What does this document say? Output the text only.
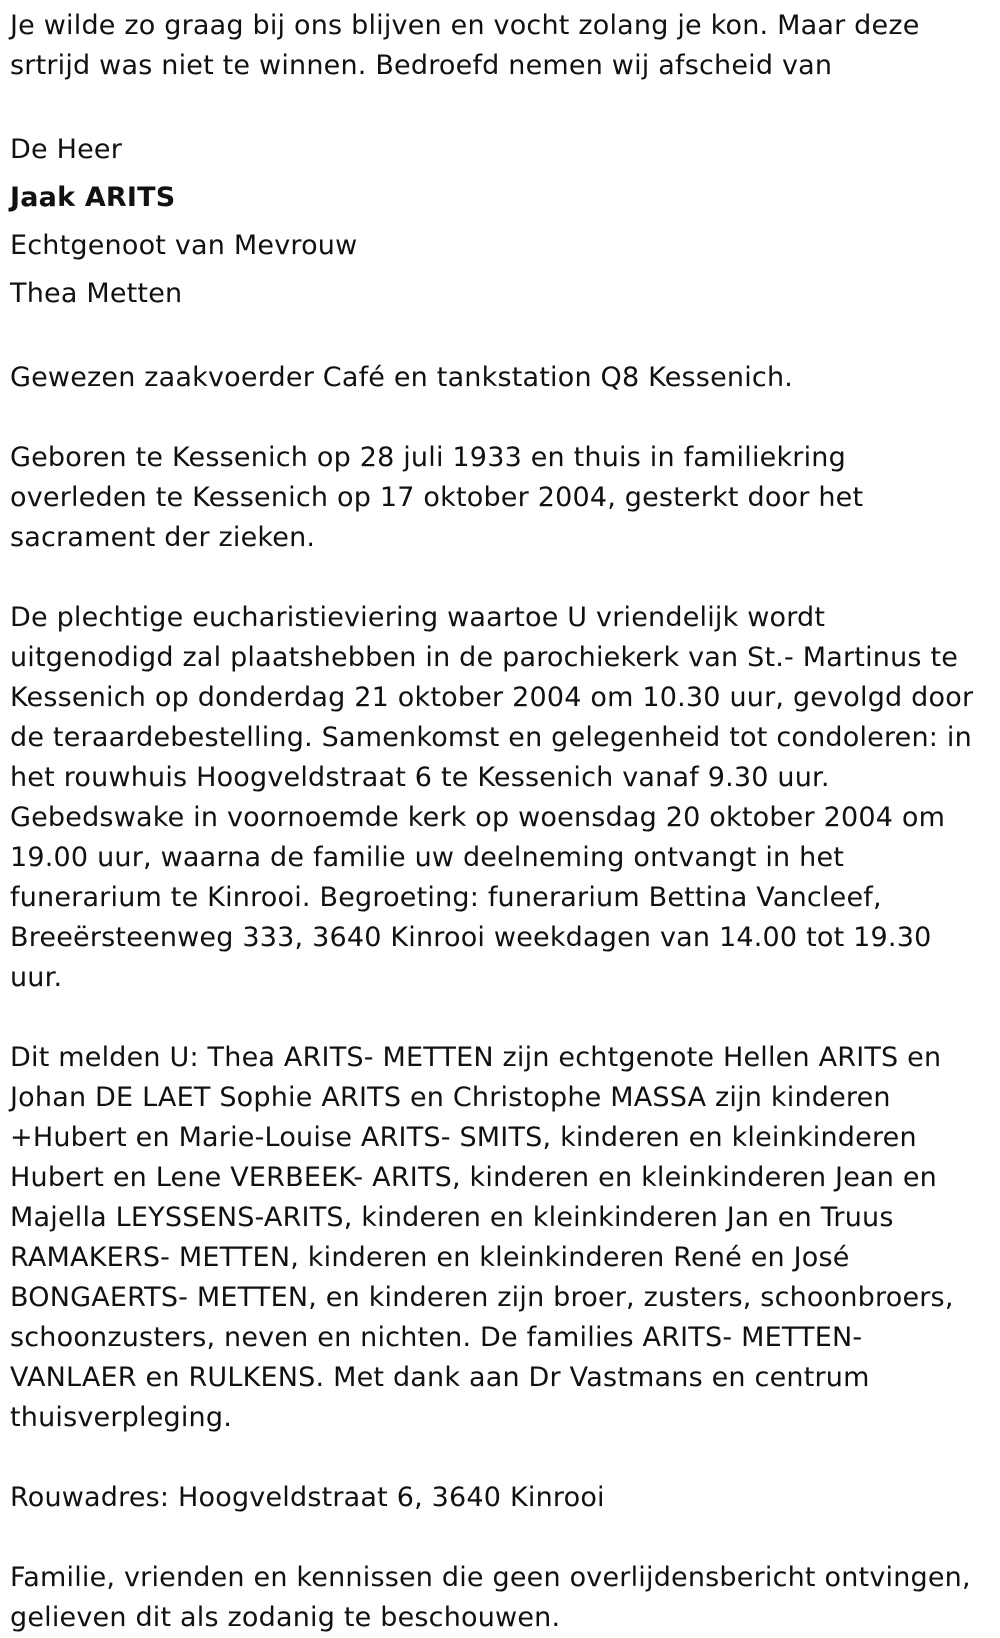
Je wilde zo graag bij ons blijven en vocht zolang je kon. Maar deze srtrijd was niet te winnen. Bedroefd nemen wij afscheid van

De Heer

Jaak ARITS

Echtgenoot van Mevrouw

Thea Metten

Gewezen zaakvoerder Café en tankstation Q8 Kessenich.

Geboren te Kessenich op 28 juli 1933 en thuis in familiekring overleden te Kessenich op 17 oktober 2004, gesterkt door het sacrament der zieken.

De plechtige eucharistieviering waartoe U vriendelijk wordt uitgenodigd zal plaatshebben in de parochiekerk van St.- Martinus te Kessenich op donderdag 21 oktober 2004 om 10.30 uur, gevolgd door de teraardebestelling. Samenkomst en gelegenheid tot condoleren: in het rouwhuis Hoogveldstraat 6 te Kessenich vanaf 9.30 uur. Gebedswake in voornoemde kerk op woensdag 20 oktober 2004 om 19.00 uur, waarna de familie uw deelneming ontvangt in het funerarium te Kinrooi. Begroeting: funerarium Bettina Vancleef, Breeërsteenweg 333, 3640 Kinrooi weekdagen van 14.00 tot 19.30 uur.

Dit melden U: Thea ARITS- METTEN zijn echtgenote Hellen ARITS en Johan DE LAET Sophie ARITS en Christophe MASSA zijn kinderen +Hubert en Marie-Louise ARITS- SMITS, kinderen en kleinkinderen Hubert en Lene VERBEEK- ARITS, kinderen en kleinkinderen Jean en Majella LEYSSENS-ARITS, kinderen en kleinkinderen Jan en Truus RAMAKERS- METTEN, kinderen en kleinkinderen René en José BONGAERTS- METTEN, en kinderen zijn broer, zusters, schoonbroers, schoonzusters, neven en nichten. De families ARITS- METTEN- VANLAER en RULKENS. Met dank aan Dr Vastmans en centrum thuisverpleging.

Rouwadres: Hoogveldstraat 6, 3640 Kinrooi

Familie, vrienden en kennissen die geen overlijdensbericht ontvingen, gelieven dit als zodanig te beschouwen.
